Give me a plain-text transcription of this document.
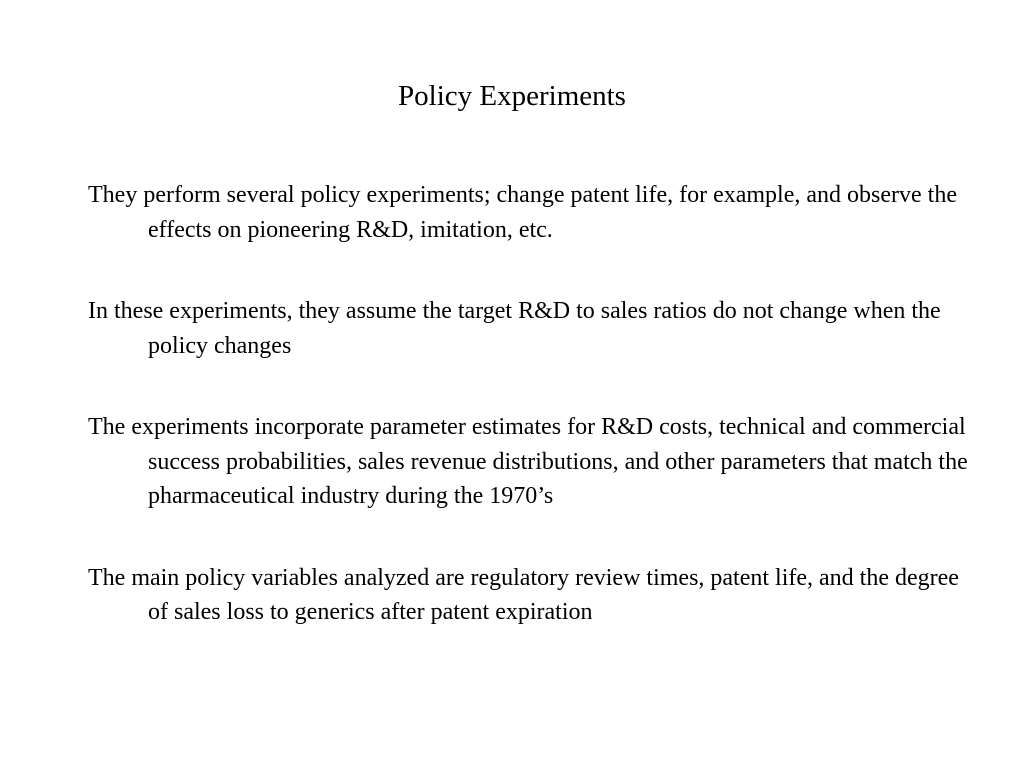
Policy Experiments
They perform several policy experiments; change patent life, for example, and observe the effects on pioneering R&D, imitation, etc.
In these experiments, they assume the target R&D to sales ratios do not change when the policy changes
The experiments incorporate parameter estimates for R&D costs, technical and commercial success probabilities, sales revenue distributions, and other parameters that match the pharmaceutical industry during the 1970’s
The main policy variables analyzed are regulatory review times, patent life, and the degree of sales loss to generics after patent expiration
